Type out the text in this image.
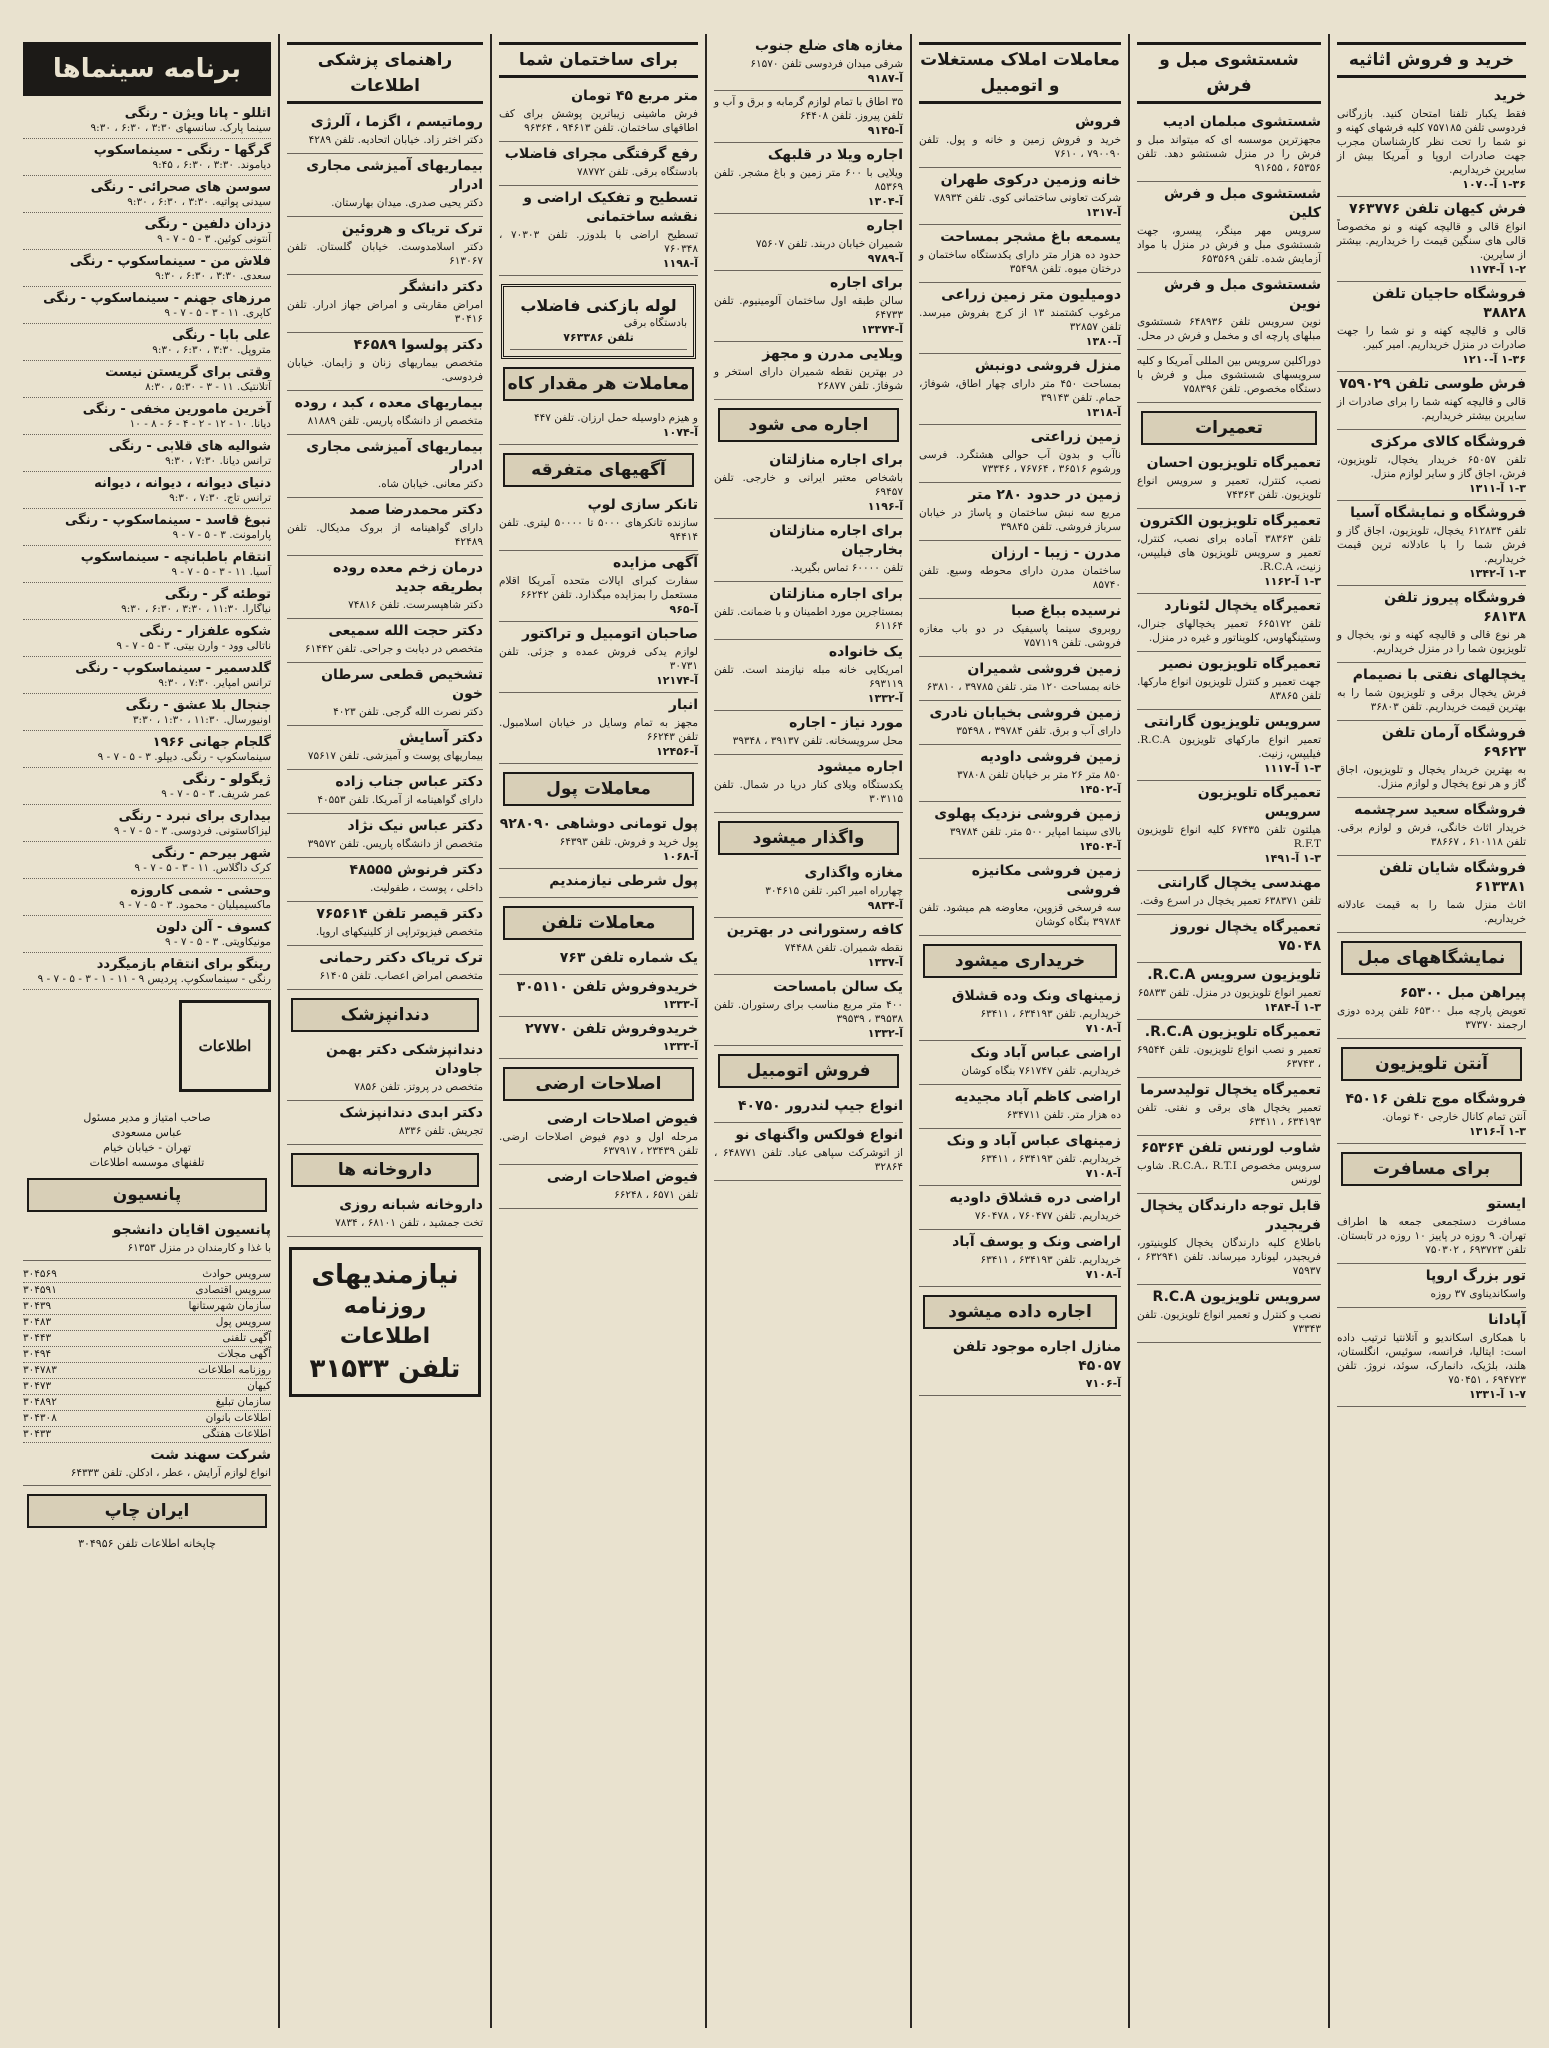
خرید و فروش اثاثیه

خرید

فقط یکبار تلفنا امتحان کنید. بازرگانی فردوسی تلفن ۷۵۷۱۸۵ کلیه فرشهای کهنه و نو شما را تحت نظر کارشناسان مجرب جهت صادرات اروپا و آمریکا بیش از سایرین خریداریم.

۱-۳۶ آ-۱۰۷۰

فرش کیهان تلفن ۷۶۳۷۷۶

انواع قالی و قالیچه کهنه و نو مخصوصاً قالی های سنگین قیمت را خریداریم. بیشتر از سایرین.

۱-۲ آ-۱۱۷۴

فروشگاه حاجیان تلفن ۳۸۸۲۸

قالی و قالیچه کهنه و نو شما را جهت صادرات در منزل خریداریم. امیر کبیر.

۱-۳۶ آ-۱۲۱۰

فرش طوسی تلفن ۷۵۹۰۲۹

قالی و قالیچه کهنه شما را برای صادرات از سایرین بیشتر خریداریم.

فروشگاه کالای مرکزی

تلفن ۶۵۰۵۷ خریدار یخچال، تلویزیون، فرش، اجاق گاز و سایر لوازم منزل.

۱-۳ آ-۱۳۱۱

فروشگاه و نمایشگاه آسیا

تلفن ۶۱۲۸۳۴ یخچال، تلویزیون، اجاق گاز و فرش شما را با عادلانه ترین قیمت خریداریم.

۱-۳ آ-۱۳۴۲

فروشگاه پیروز تلفن ۶۸۱۳۸

هر نوع قالی و قالیچه کهنه و نو، یخچال و تلویزیون شما را در منزل خریداریم.

یخچالهای نفتی با نصیمام

فرش یخچال برقی و تلویزیون شما را به بهترین قیمت خریداریم. تلفن ۳۶۸۰۳

فروشگاه آرمان تلفن ۶۹۶۲۳

به بهترین خریدار یخچال و تلویزیون، اجاق گاز و هر نوع یخچال و لوازم منزل.

فروشگاه سعید سرچشمه

خریدار اثاث خانگی، فرش و لوازم برقی. تلفن ۶۱۰۱۱۸ ، ۳۸۶۶۷

فروشگاه شایان تلفن ۶۱۳۳۸۱

اثاث منزل شما را به قیمت عادلانه خریداریم.

نمایشگاههای مبل

پیراهن مبل ۶۵۳۰۰

تعویض پارچه مبل ۶۵۳۰۰ تلفن پرده دوزی ارجمند ۳۷۳۷۰

آنتن تلویزیون

فروشگاه موج تلفن ۴۵۰۱۶

آنتن تمام کانال خارجی ۴۰ تومان.

۱-۳ آ-۱۳۱۶

برای مسافرت

ایستو

مسافرت دستجمعی جمعه ها اطراف تهران. ۹ روزه در پاییز ۱۰ روزه در تابستان. تلفن ۶۹۳۷۲۳ ، ۷۵۰۳۰۲

تور بزرگ اروپا

واسکاندیناوی ۳۷ روزه

آپادانا

با همکاری اسکاندیو و آتلانتیا ترتیب داده است: ایتالیا، فرانسه، سوئیس، انگلستان، هلند، بلژیک، دانمارک، سوئد، نروژ. تلفن ۶۹۴۷۲۳ ، ۷۵۰۴۵۱

۱-۷ آ-۱۳۳۱

شستشوی مبل و فرش

شستشوی مبلمان ادیب

مجهزترین موسسه ای که میتواند مبل و فرش را در منزل شستشو دهد. تلفن ۶۵۳۵۶ ، ۹۱۶۵۵

شستشوی مبل و فرش کلین

سرویس مهر مینگر، پیسرو، جهت شستشوی مبل و فرش در منزل با مواد آزمایش شده. تلفن ۶۵۳۵۶۹

شستشوی مبل و فرش نوین

نوین سرویس تلفن ۶۴۸۹۳۶ شستشوی مبلهای پارچه ای و مخمل و فرش در محل.

دوراکلین سرویس بین المللی آمریکا و کلیه سرویسهای شستشوی مبل و فرش با دستگاه مخصوص. تلفن ۷۵۸۳۹۶

تعمیرات

تعمیرگاه تلویزیون احسان

نصب، کنترل، تعمیر و سرویس انواع تلویزیون. تلفن ۷۴۳۶۳

تعمیرگاه تلویزیون الکترون

تلفن ۳۸۳۶۳ آماده برای نصب، کنترل، تعمیر و سرویس تلویزیون های فیلیپس، زنیت، R.C.A.

۱-۳ آ-۱۱۶۲

تعمیرگاه یخچال لئونارد

تلفن ۶۶۵۱۷۲ تعمیر یخچالهای جنرال، وستینگهاوس، کلویناتور و غیره در منزل.

تعمیرگاه تلویزیون نصیر

جهت تعمیر و کنترل تلویزیون انواع مارکها. تلفن ۸۳۸۶۵

سرویس تلویزیون گارانتی

تعمیر انواع مارکهای تلویزیون R.C.A. فیلیپس، زنیت.

۱-۳ آ-۱۱۱۷

تعمیرگاه تلویزیون سرویس

هیلتون تلفن ۶۷۴۳۵ کلیه انواع تلویزیون R.F.T

۱-۳ آ-۱۴۹۱

مهندسی یخچال گارانتی

تلفن ۶۳۸۳۷۱ تعمیر یخچال در اسرع وقت.

تعمیرگاه یخچال نوروز ۷۵۰۴۸

تلویزیون سرویس R.C.A.

تعمیر انواع تلویزیون در منزل. تلفن ۶۵۸۳۳

۱-۳ آ-۱۴۸۴

تعمیرگاه تلویزیون R.C.A.

تعمیر و نصب انواع تلویزیون. تلفن ۶۹۵۴۴ ، ۶۳۷۴۳

تعمیرگاه یخچال تولیدسرما

تعمیر یخچال های برقی و نفتی. تلفن ۶۳۴۱۹۳ ، ۶۳۴۱۱

شاوب لورنس تلفن ۶۵۳۶۴

سرویس مخصوص R.C.A.، R.T.I. شاوب لورنس

قابل توجه دارندگان یخچال فریجیدر

باطلاع کلیه دارندگان یخچال کلوینیتور، فریجیدر، لیونارد میرساند. تلفن ۶۳۲۹۴۱ ، ۷۵۹۳۷

سرویس تلویزیون R.C.A

نصب و کنترل و تعمیر انواع تلویزیون. تلفن ۷۳۳۴۳

معاملات املاک مستغلات و اتومبیل

فروش

خرید و فروش زمین و خانه و پول. تلفن ۷۹۰۰۹۰ ، ۷۶۱۰

خانه وزمین درکوی طهران

شرکت تعاونی ساختمانی کوی. تلفن ۷۸۹۳۴

آ-۱۳۱۷

یسمعه باغ مشجر بمساحت

حدود ده هزار متر دارای یکدستگاه ساختمان و درختان میوه. تلفن ۳۵۴۹۸

دومیلیون متر زمین زراعی

مرغوب کشتمند ۱۳ از کرج بفروش میرسد. تلفن ۳۲۸۵۷

آ-۱۳۸۰

منزل فروشی دونبش

بمساحت ۴۵۰ متر دارای چهار اطاق، شوفاژ، حمام. تلفن ۳۹۱۴۳

آ-۱۳۱۸

زمین زراعتی

ناآب و بدون آب حوالی هشتگرد. فرسی ورشوم ۳۶۵۱۶ ، ۷۶۷۶۴ ، ۷۳۳۴۶

زمین در حدود ۲۸۰ متر

مربع سه نبش ساختمان و پاساژ در خیابان سرباز فروشی. تلفن ۳۹۸۴۵

مدرن - زیبا - ارزان

ساختمان مدرن دارای محوطه وسیع. تلفن ۸۵۷۴۰

نرسیده بباغ صبا

روبروی سینما پاسیفیک در دو باب مغازه فروشی. تلفن ۷۵۷۱۱۹

زمین فروشی شمیران

خانه بمساحت ۱۲۰ متر. تلفن ۳۹۷۸۵ ، ۶۳۸۱۰

زمین فروشی بخیابان نادری

دارای آب و برق. تلفن ۳۹۷۸۴ ، ۳۵۴۹۸

زمین فروشی داودیه

۸۵۰ متر ۲۶ متر بر خیابان تلفن ۳۷۸۰۸

آ-۱۴۵۰۲

زمین فروشی نزدیک پهلوی

بالای سینما امپایر ۵۰۰ متر. تلفن ۳۹۷۸۴

آ-۱۴۵۰۴

زمین فروشی مکانیزه فروشی

سه فرسخی قزوین، معاوضه هم میشود. تلفن ۳۹۷۸۴ بنگاه کوشان

خریداری میشود

زمینهای ونک وده قشلاق

خریداریم. تلفن ۶۳۴۱۹۳ ، ۶۳۴۱۱

آ-۷۱۰۸

اراضی عباس آباد ونک

خریداریم. تلفن ۷۶۱۷۴۷ بنگاه کوشان

اراضی کاظم آباد مجیدیه

ده هزار متر. تلفن ۶۳۴۷۱۱

زمینهای عباس آباد و ونک

خریداریم. تلفن ۶۳۴۱۹۳ ، ۶۳۴۱۱

آ-۷۱۰۸

اراضی دره قشلاق داودیه

خریداریم. تلفن ۷۶۰۴۷۷ ، ۷۶۰۴۷۸

اراضی ونک و یوسف آباد

خریداریم. تلفن ۶۳۴۱۹۳ ، ۶۳۴۱۱

آ-۷۱۰۸

اجاره داده میشود

منازل اجاره موجود تلفن ۴۵۰۵۷

آ-۷۱۰۶

مغازه های ضلع جنوب

شرقی میدان فردوسی تلفن ۶۱۵۷۰

آ-۹۱۸۷

۳۵ اطاق با تمام لوازم گرمابه و برق و آب و تلفن پیروز. تلفن ۶۴۴۰۸

آ-۹۱۴۵

اجاره ویلا در قلبهک

ویلایی با ۶۰۰ متر زمین و باغ مشجر. تلفن ۸۵۳۶۹

آ-۱۳۰۴

اجاره

شمیران خیابان دربند. تلفن ۷۵۶۰۷

آ-۹۷۸۹

برای اجاره

سالن طبقه اول ساختمان آلومینیوم. تلفن ۶۴۷۳۳

آ-۱۳۳۷۴

ویلایی مدرن و مجهز

در بهترین نقطه شمیران دارای استخر و شوفاژ. تلفن ۲۶۸۷۷

اجاره می شود

برای اجاره منازلتان

باشخاص معتبر ایرانی و خارجی. تلفن ۶۹۴۵۷

آ-۱۱۹۶

برای اجاره منازلتان بخارجیان

تلفن ۶۰۰۰۰ تماس بگیرید.

برای اجاره منازلتان

بمستاجرین مورد اطمینان و با ضمانت. تلفن ۶۱۱۶۴

یک خانواده

امریکایی خانه مبله نیازمند است. تلفن ۶۹۳۱۱۹

آ-۱۳۳۲

مورد نیاز - اجاره

محل سرویسخانه. تلفن ۳۹۱۳۷ ، ۳۹۳۴۸

اجاره میشود

یکدستگاه ویلای کنار دریا در شمال. تلفن ۳۰۳۱۱۵

واگذار میشود

مغازه واگذاری

چهارراه امیر اکبر. تلفن ۳۰۴۶۱۵

آ-۹۸۳۴

کافه رستورانی در بهترین

نقطه شمیران. تلفن ۷۴۴۸۸

آ-۱۳۳۷

یک سالن بامساحت

۴۰۰ متر مربع مناسب برای رستوران. تلفن ۳۹۵۳۸ ، ۳۹۵۳۹

آ-۱۳۳۲

فروش اتومبیل

انواع جیپ لندرور ۴۰۷۵۰

انواع فولکس واگنهای نو

از اتوشرکت سپاهی عباد. تلفن ۶۴۸۷۷۱ ، ۳۲۸۶۴

برای ساختمان شما

متر مربع ۴۵ تومان

فرش ماشینی زیباترین پوشش برای کف اطاقهای ساختمان. تلفن ۹۴۶۱۳ ، ۹۶۳۶۴

رفع گرفتگی مجرای فاضلاب

بادستگاه برقی. تلفن ۷۸۷۷۲

تسطیح و تفکیک اراضی و نقشه ساختمانی

تسطیح اراضی با بلدوزر. تلفن ۷۰۳۰۳ ، ۷۶۰۳۴۸

آ-۱۱۹۸

لوله بازکنی فاضلاب

بادستگاه برقی

تلفن ۷۶۳۳۸۶

معاملات هر مقدار کاه

و هیزم داوسیله حمل ارزان. تلفن ۴۴۷

آ-۱۰۷۴

آگهیهای متفرقه

تانکر سازی لوپ

سازنده تانکرهای ۵۰۰۰ تا ۵۰۰۰۰ لیتری. تلفن ۹۴۴۱۴

آگهی مزایده

سفارت کبرای ایالات متحده آمریکا اقلام مستعمل را بمزایده میگذارد. تلفن ۶۶۲۴۲

آ-۹۶۵

صاحبان اتومبیل و تراکتور

لوازم یدکی فروش عمده و جزئی. تلفن ۳۰۷۳۱

آ-۱۲۱۷۴

انبار

مجهز به تمام وسایل در خیابان اسلامبول. تلفن ۶۶۲۴۳

آ-۱۲۴۵۶

معاملات پول

پول تومانی دوشاهی ۹۲۸۰۹۰

پول خرید و فروش. تلفن ۶۴۳۹۳

آ-۱۰۶۸

پول شرطی نیازمندیم

معاملات تلفن

یک شماره تلفن ۷۶۳

خریدوفروش تلفن ۳۰۵۱۱۰

آ-۱۳۳۳

خریدوفروش تلفن ۲۷۷۷۰

آ-۱۳۳۳

اصلاحات ارضی

فیوض اصلاحات ارضی

مرحله اول و دوم فیوض اصلاحات ارضی. تلفن ۲۳۴۳۹ ، ۶۳۷۹۱۷

فیوض اصلاحات ارضی

تلفن ۶۵۷۱ ، ۶۶۲۴۸

راهنمای پزشکی اطلاعات

روماتیسم ، اگزما ، آلرژی

دکتر اختر زاد. خیابان اتحادیه. تلفن ۴۲۸۹

بیماریهای آمیزشی مجاری ادرار

دکتر یحیی صدری. میدان بهارستان.

ترک تریاک و هروئین

دکتر اسلامدوست. خیابان گلستان. تلفن ۶۱۳۰۶۷

دکتر دانشگر

امراض مقاربتی و امراض جهاز ادرار. تلفن ۳۰۴۱۶

دکتر پولسوا ۴۶۵۸۹

متخصص بیماریهای زنان و زایمان. خیابان فردوسی.

بیماریهای معده ، کبد ، روده

متخصص از دانشگاه پاریس. تلفن ۸۱۸۸۹

بیماریهای آمیزشی مجاری ادرار

دکتر معانی. خیابان شاه.

دکتر محمدرضا صمد

دارای گواهینامه از بروک مدیکال. تلفن ۴۲۴۸۹

درمان زخم معده روده بطریقه جدید

دکتر شاهپسرست. تلفن ۷۴۸۱۶

دکتر حجت الله سمیعی

متخصص در دیابت و جراحی. تلفن ۶۱۴۴۲

تشخیص قطعی سرطان خون

دکتر نصرت الله گرجی. تلفن ۴۰۲۳

دکتر آسایش

بیماریهای پوست و آمیزشی. تلفن ۷۵۶۱۷

دکتر عباس جناب زاده

دارای گواهینامه از آمریکا. تلفن ۴۰۵۵۳

دکتر عباس نیک نژاد

متخصص از دانشگاه پاریس. تلفن ۳۹۵۷۲

دکتر فرنوش ۴۸۵۵۵

داخلی ، پوست ، طفولیت.

دکتر قیصر تلفن ۷۶۵۶۱۴

متخصص فیزیوتراپی از کلینیکهای اروپا.

ترک تریاک دکتر رحمانی

متخصص امراض اعصاب. تلفن ۶۱۴۰۵

دندانپزشک

دندانپزشکی دکتر بهمن جاودان

متخصص در پروتز. تلفن ۷۸۵۶

دکتر ابدی دندانپزشک

تجریش. تلفن ۸۳۳۶

داروخانه ها

داروخانه شبانه روزی

تخت جمشید ، تلفن ۶۸۱۰۱ ، ۷۸۳۴

نیازمندیهای
روزنامه اطلاعات
تلفن ۳۱۵۳۳
برنامه سینماها
اتللو - پانا ویژن - رنگی
سینما پارک. سانسهای ۳:۳۰ ، ۶:۳۰ ، ۹:۳۰
گرگها - رنگی - سینماسکوپ
دیاموند. ۳:۳۰ ، ۶:۳۰ ، ۹:۴۵
سوسن های صحرائی - رنگی
سیدنی پواتیه. ۳:۳۰ ، ۶:۳۰ ، ۹:۳۰
دزدان دلفین - رنگی
آنتونی کوئین. ۳ - ۵ - ۷ - ۹
فلاش من - سینماسکوپ - رنگی
سعدی. ۳:۳۰ ، ۶:۳۰ ، ۹:۳۰
مرزهای جهنم - سینماسکوپ - رنگی
کاپری. ۱۱ - ۳ - ۵ - ۷ - ۹
علی بابا - رنگی
متروپل. ۳:۳۰ ، ۶:۳۰ ، ۹:۳۰
وقتی برای گریستن نیست
آتلانتیک. ۱۱ - ۳ - ۵:۳۰ ، ۸:۳۰
آخرین مامورین مخفی - رنگی
دیانا. ۱۰ - ۱۲ - ۲ - ۴ - ۶ - ۸ - ۱۰
شوالیه های قلابی - رنگی
ترانس دیانا. ۷:۳۰ ، ۹:۳۰
دنیای دیوانه ، دیوانه ، دیوانه
ترانس تاج. ۷:۳۰ ، ۹:۳۰
نبوغ قاسد - سینماسکوپ - رنگی
پارامونت. ۳ - ۵ - ۷ - ۹
انتقام باطبانچه - سینماسکوپ
آسیا. ۱۱ - ۳ - ۵ - ۷ - ۹
توطئه گر - رنگی
نیاگارا. ۱۱:۳۰ ، ۳:۳۰ ، ۶:۳۰ ، ۹:۳۰
شکوه علفزار - رنگی
ناتالی وود - وارن بیتی. ۳ - ۵ - ۷ - ۹
گلدسمیر - سینماسکوپ - رنگی
ترانس امپایر. ۷:۳۰ ، ۹:۳۰
جنجال بلا عشق - رنگی
اونیورسال. ۱۱:۳۰ ، ۱:۳۰ ، ۳:۳۰
گلجام جهانی ۱۹۶۶
سینماسکوپ - رنگی. دیپلو. ۳ - ۵ - ۷ - ۹
ژیگولو - رنگی
عمر شریف. ۳ - ۵ - ۷ - ۹
بیداری برای نبرد - رنگی
لیزاکاستونی. فردوسی. ۳ - ۵ - ۷ - ۹
شهر بیرحم - رنگی
کرک داگلاس. ۱۱ - ۳ - ۵ - ۷ - ۹
وحشی - شمی کاروزه
ماکسیمیلیان - محمود. ۳ - ۵ - ۷ - ۹
کسوف - آلن دلون
مونیکاویتی. ۳ - ۵ - ۷ - ۹
رینگو برای انتقام بازمیگردد
رنگی - سینماسکوپ. پردیس ۹ - ۱۱ - ۱ - ۳ - ۵ - ۷ - ۹
اطلاعات
صاحب امتیاز و مدیر مسئول
عباس مسعودی
تهران - خیابان خیام
تلفنهای موسسه اطلاعات
پانسیون

پانسیون اقایان دانشجو

با غذا و کارمندان در منزل ۶۱۳۵۳

سرویس حوادث
۳۰۴۵۶۹
سرویس اقتصادی
۳۰۴۵۹۱
سازمان شهرستانها
۳۰۴۳۹
سرویس پول
۳۰۴۸۳
آگهی تلفنی
۳۰۴۴۳
آگهی مجلات
۳۰۴۹۴
روزنامه اطلاعات
۳۰۴۷۸۳
کیهان
۳۰۴۷۳
سازمان تبلیغ
۳۰۴۸۹۲
اطلاعات بانوان
۳۰۴۳۰۸
اطلاعات هفتگی
۳۰۴۳۳

شرکت سهند شت

انواع لوازم آرایش ، عطر ، ادکلن. تلفن ۶۴۳۳۳

ایران چاپ
چاپخانه اطلاعات تلفن ۳۰۴۹۵۶
